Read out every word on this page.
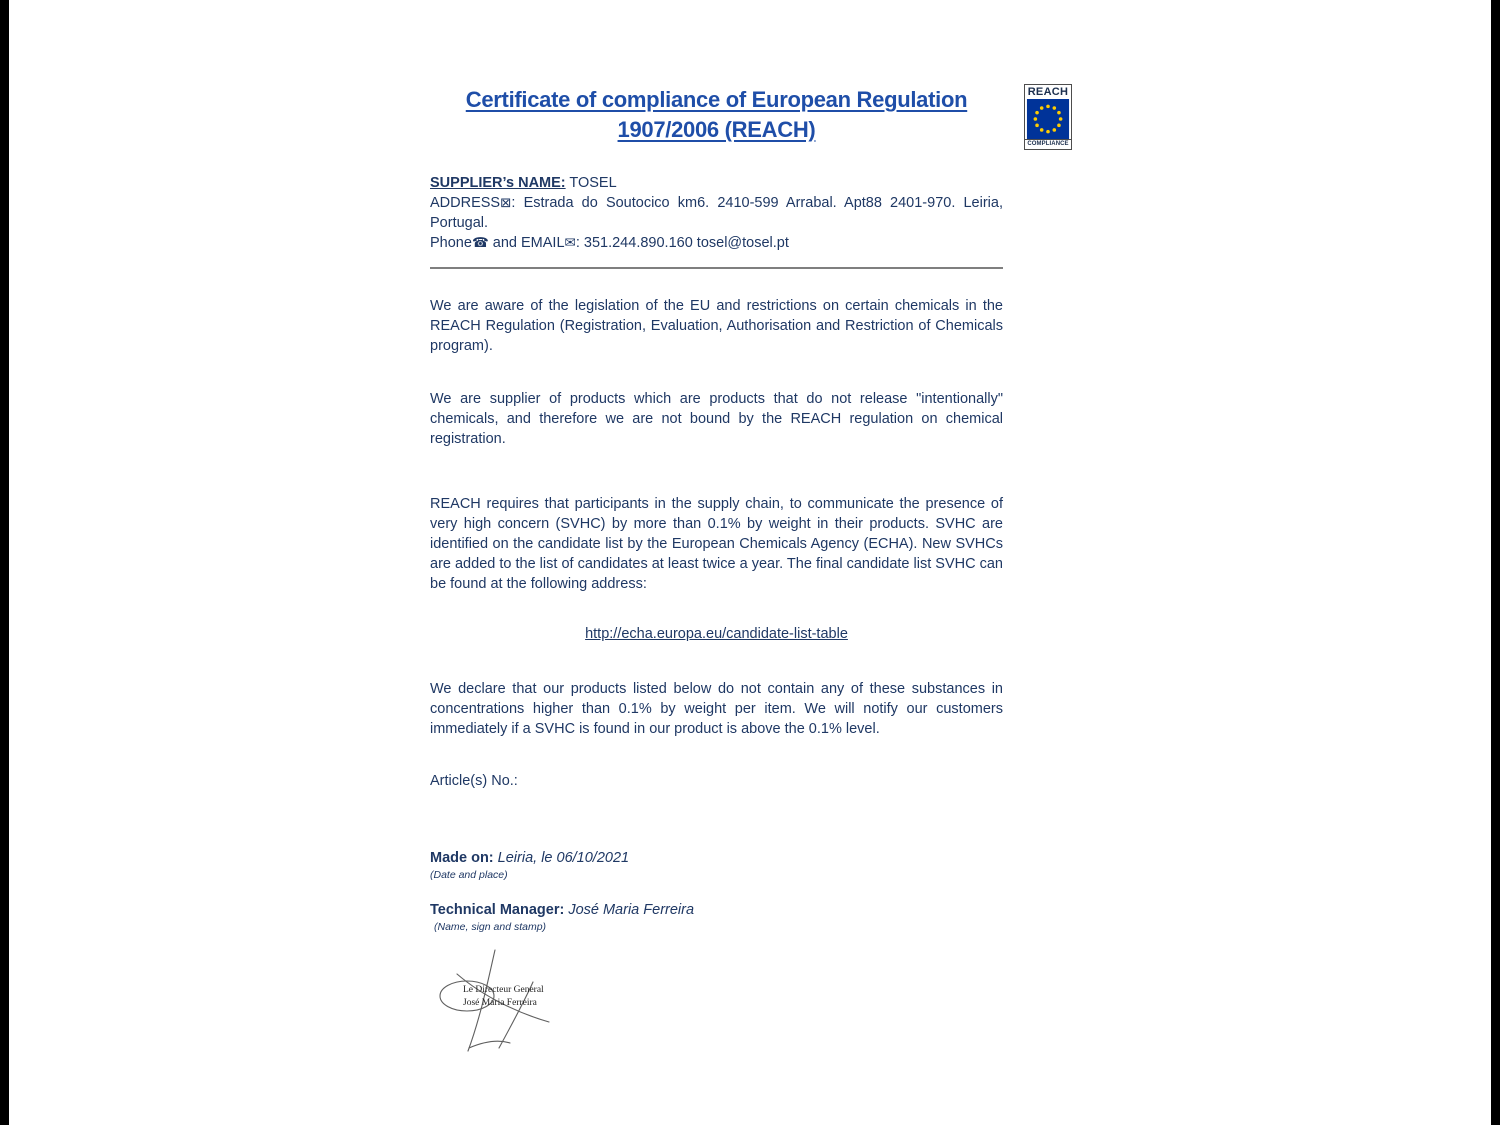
REACH
COMPLIANCE
Certificate of compliance of European Regulation
1907/2006 (REACH)

SUPPLIER’s NAME: TOSEL

ADDRESS⊠: Estrada do Soutocico km6. 2410-599 Arrabal. Apt88 2401-970. Leiria, Portugal.

Phone☎ and EMAIL✉: 351.244.890.160 tosel@tosel.pt

We are aware of the legislation of the EU and restrictions on certain chemicals in the REACH Regulation (Registration, Evaluation, Authorisation and Restriction of Chemicals program).

We are supplier of products which are products that do not release "intentionally" chemicals, and therefore we are not bound by the REACH regulation on chemical registration.

REACH requires that participants in the supply chain, to communicate the presence of very high concern (SVHC) by more than 0.1% by weight in their products. SVHC are identified on the candidate list by the European Chemicals Agency (ECHA). New SVHCs are added to the list of candidates at least twice a year. The final candidate list SVHC can be found at the following address:

http://echa.europa.eu/candidate-list-table

We declare that our products listed below do not contain any of these substances in concentrations higher than 0.1% by weight per item. We will notify our customers immediately if a SVHC is found in our product is above the 0.1% level.

Article(s) No.:

Made on: Leiria, le 06/10/2021

(Date and place)

Technical Manager: José Maria Ferreira

(Name, sign and stamp)

Le Directeur General
José Maria Ferreira
